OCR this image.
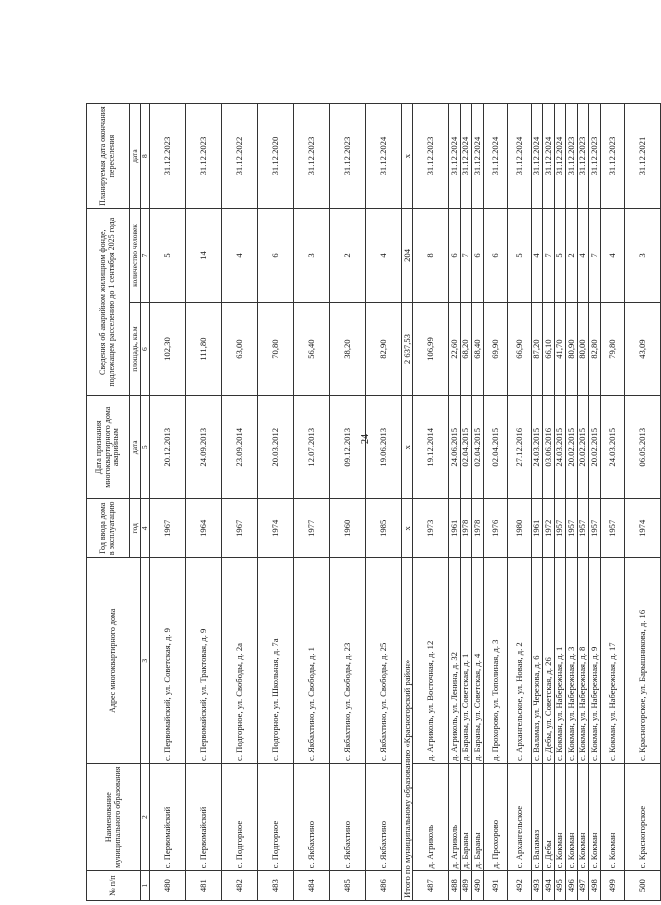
24
№ п/п	Наименование муниципального образования	Адрес многоквартирного дома	Год ввода дома в эксплуатацию	Дата признания многоквартирного дома аварийным	Сведения об аварийном жилищном фонде, подлежащем расселению до 1 сентября 2025 года		Планируемая дата окончания переселения
			год	дата	площадь, кв.м	количество человек	дата
1	2	3	4	5	6	7	8
480	с. Первомайский	с. Первомайский, ул. Советская, д. 9	1967	20.12.2013	102,30	5	31.12.2023
481	с. Первомайский	с. Первомайский, ул. Трактовая, д. 9	1964	24.09.2013	111,80	14	31.12.2023
482	с. Подгорное	с. Подгорное, ул. Свободы, д. 2а	1967	23.09.2014	63,00	4	31.12.2022
483	с. Подгорное	с. Подгорное, ул. Школьная, д. 7а	1974	20.03.2012	70,80	6	31.12.2020
484	с. Якбахтино	с. Якбахтино, ул. Свободы, д. 1	1977	12.07.2013	56,40	3	31.12.2023
485	с. Якбахтино	с. Якбахтино, ул. Свободы, д. 23	1960	09.12.2013	38,20	2	31.12.2023
486	с. Якбахтино	с. Якбахтино, ул. Свободы, д. 25	1985	19.06.2013	82,90	4	31.12.2024
Итого по муниципальному образованию «Красногорский район»			х	х	2 637,53	204	х
487	д. Агриколь	д. Агриколь, ул. Восточная, д. 12	1973	19.12.2014	106,99	8	31.12.2023
488	д. Агриколь	д. Агриколь, ул. Ленина, д. 32	1961	24.06.2015	22,60	6	31.12.2024
489	д. Бараны	д. Бараны, ул. Советская, д. 1	1978	02.04.2015	68,20	7	31.12.2024
490	д. Бараны	д. Бараны, ул. Советская, д. 4	1978	02.04.2015	68,40	6	31.12.2024
491	д. Прохорово	д. Прохорово, ул. Тополиная, д. 3	1976	02.04.2015	69,90	6	31.12.2024
492	с. Архангельское	с. Архангельское, ул. Новая, д. 2	1980	27.12.2016	66,90	5	31.12.2024
493	с. Валамаз	с. Валамаз, ул. Черезова, д. 6	1961	24.03.2015	87,20	4	31.12.2024
494	с. Дебы	с. Дебы, ул. Советская, д. 26	1972	03.06.2016	66,10	7	31.12.2024
495	с. Кокман	с. Кокман, ул. Набережная, д. 1	1957	24.03.2015	41,70	5	31.12.2024
496	с. Кокман	с. Кокман, ул. Набережная, д. 3	1957	20.02.2015	80,90	2	31.12.2023
497	с. Кокман	с. Кокман, ул. Набережная, д. 8	1957	20.02.2015	80,00	4	31.12.2023
498	с. Кокман	с. Кокман, ул. Набережная, д. 9	1957	20.02.2015	82,80	7	31.12.2023
499	с. Кокман	с. Кокман, ул. Набережная, д. 17	1957	24.03.2015	79,80	4	31.12.2023
500	с. Красногорское	с. Красногорское, ул. Барышникова, д. 16	1974	06.05.2013	43,09	3	31.12.2021
